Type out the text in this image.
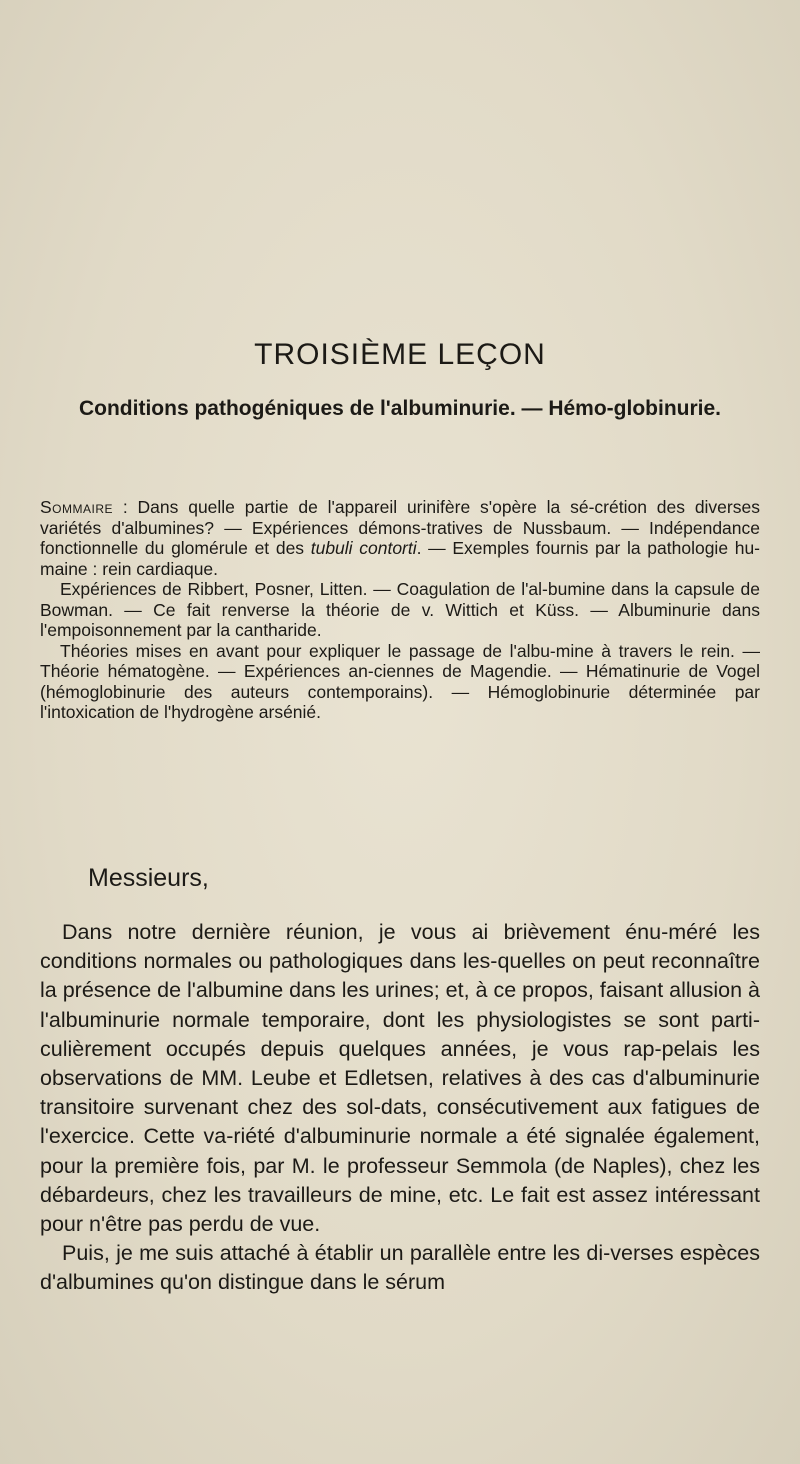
TROISIÈME LEÇON
Conditions pathogéniques de l'albuminurie. — Hémo-globinurie.

Sommaire : Dans quelle partie de l'appareil urinifère s'opère la sé-crétion des diverses variétés d'albumines? — Expériences démons-tratives de Nussbaum. — Indépendance fonctionnelle du glomérule et des tubuli contorti. — Exemples fournis par la pathologie hu-maine : rein cardiaque.

Expériences de Ribbert, Posner, Litten. — Coagulation de l'al-bumine dans la capsule de Bowman. — Ce fait renverse la théorie de v. Wittich et Küss. — Albuminurie dans l'empoisonnement par la cantharide.

Théories mises en avant pour expliquer le passage de l'albu-mine à travers le rein. — Théorie hématogène. — Expériences an-ciennes de Magendie. — Hématinurie de Vogel (hémoglobinurie des auteurs contemporains). — Hémoglobinurie déterminée par l'intoxication de l'hydrogène arsénié.

Messieurs,

Dans notre dernière réunion, je vous ai brièvement énu-méré les conditions normales ou pathologiques dans les-quelles on peut reconnaître la présence de l'albumine dans les urines; et, à ce propos, faisant allusion à l'albuminurie normale temporaire, dont les physiologistes se sont parti-culièrement occupés depuis quelques années, je vous rap-pelais les observations de MM. Leube et Edletsen, relatives à des cas d'albuminurie transitoire survenant chez des sol-dats, consécutivement aux fatigues de l'exercice. Cette va-riété d'albuminurie normale a été signalée également, pour la première fois, par M. le professeur Semmola (de Naples), chez les débardeurs, chez les travailleurs de mine, etc. Le fait est assez intéressant pour n'être pas perdu de vue.

Puis, je me suis attaché à établir un parallèle entre les di-verses espèces d'albumines qu'on distingue dans le sérum
